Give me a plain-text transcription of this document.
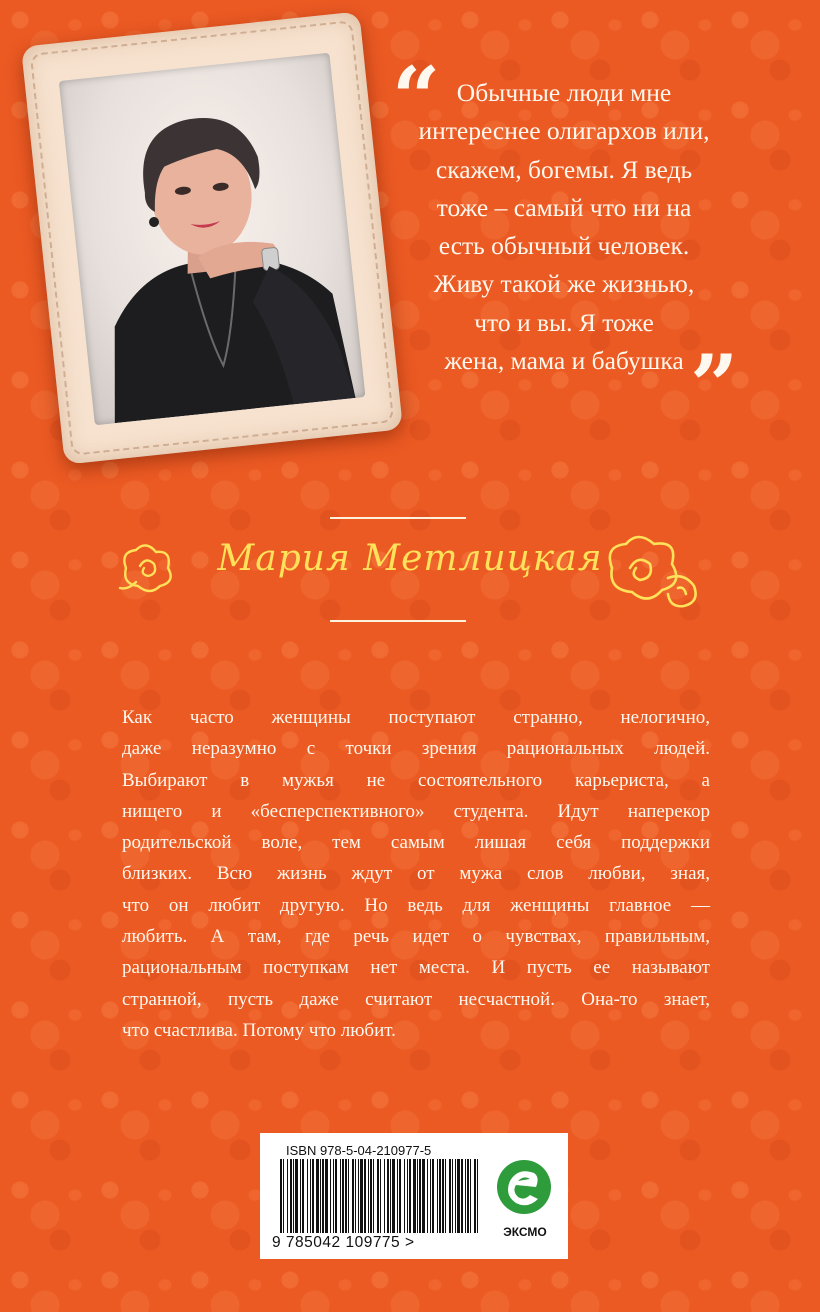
“ Обычные люди мне
интереснее олигархов или,
скажем, богемы. Я ведь
тоже – самый что ни на
есть обычный человек.
Живу такой же жизнью,
что и вы. Я тоже
жена, мама и бабушка ”
Мария Метлицкая
Как часто женщины поступают странно, нелогично,
даже неразумно с точки зрения рациональных людей.
Выбирают в мужья не состоятельного карьериста, а
нищего и «бесперспективного» студента. Идут наперекор
родительской воле, тем самым лишая себя поддержки
близких. Всю жизнь ждут от мужа слов любви, зная,
что он любит другую. Но ведь для женщины главное —
любить. А там, где речь идет о чувствах, правильным,
рациональным поступкам нет места. И пусть ее называют
странной, пусть даже считают несчастной. Она-то знает,
что счастлива. Потому что любит.
ISBN 978-5-04-210977-5
9 785042 109775 >
ЭКСМО
